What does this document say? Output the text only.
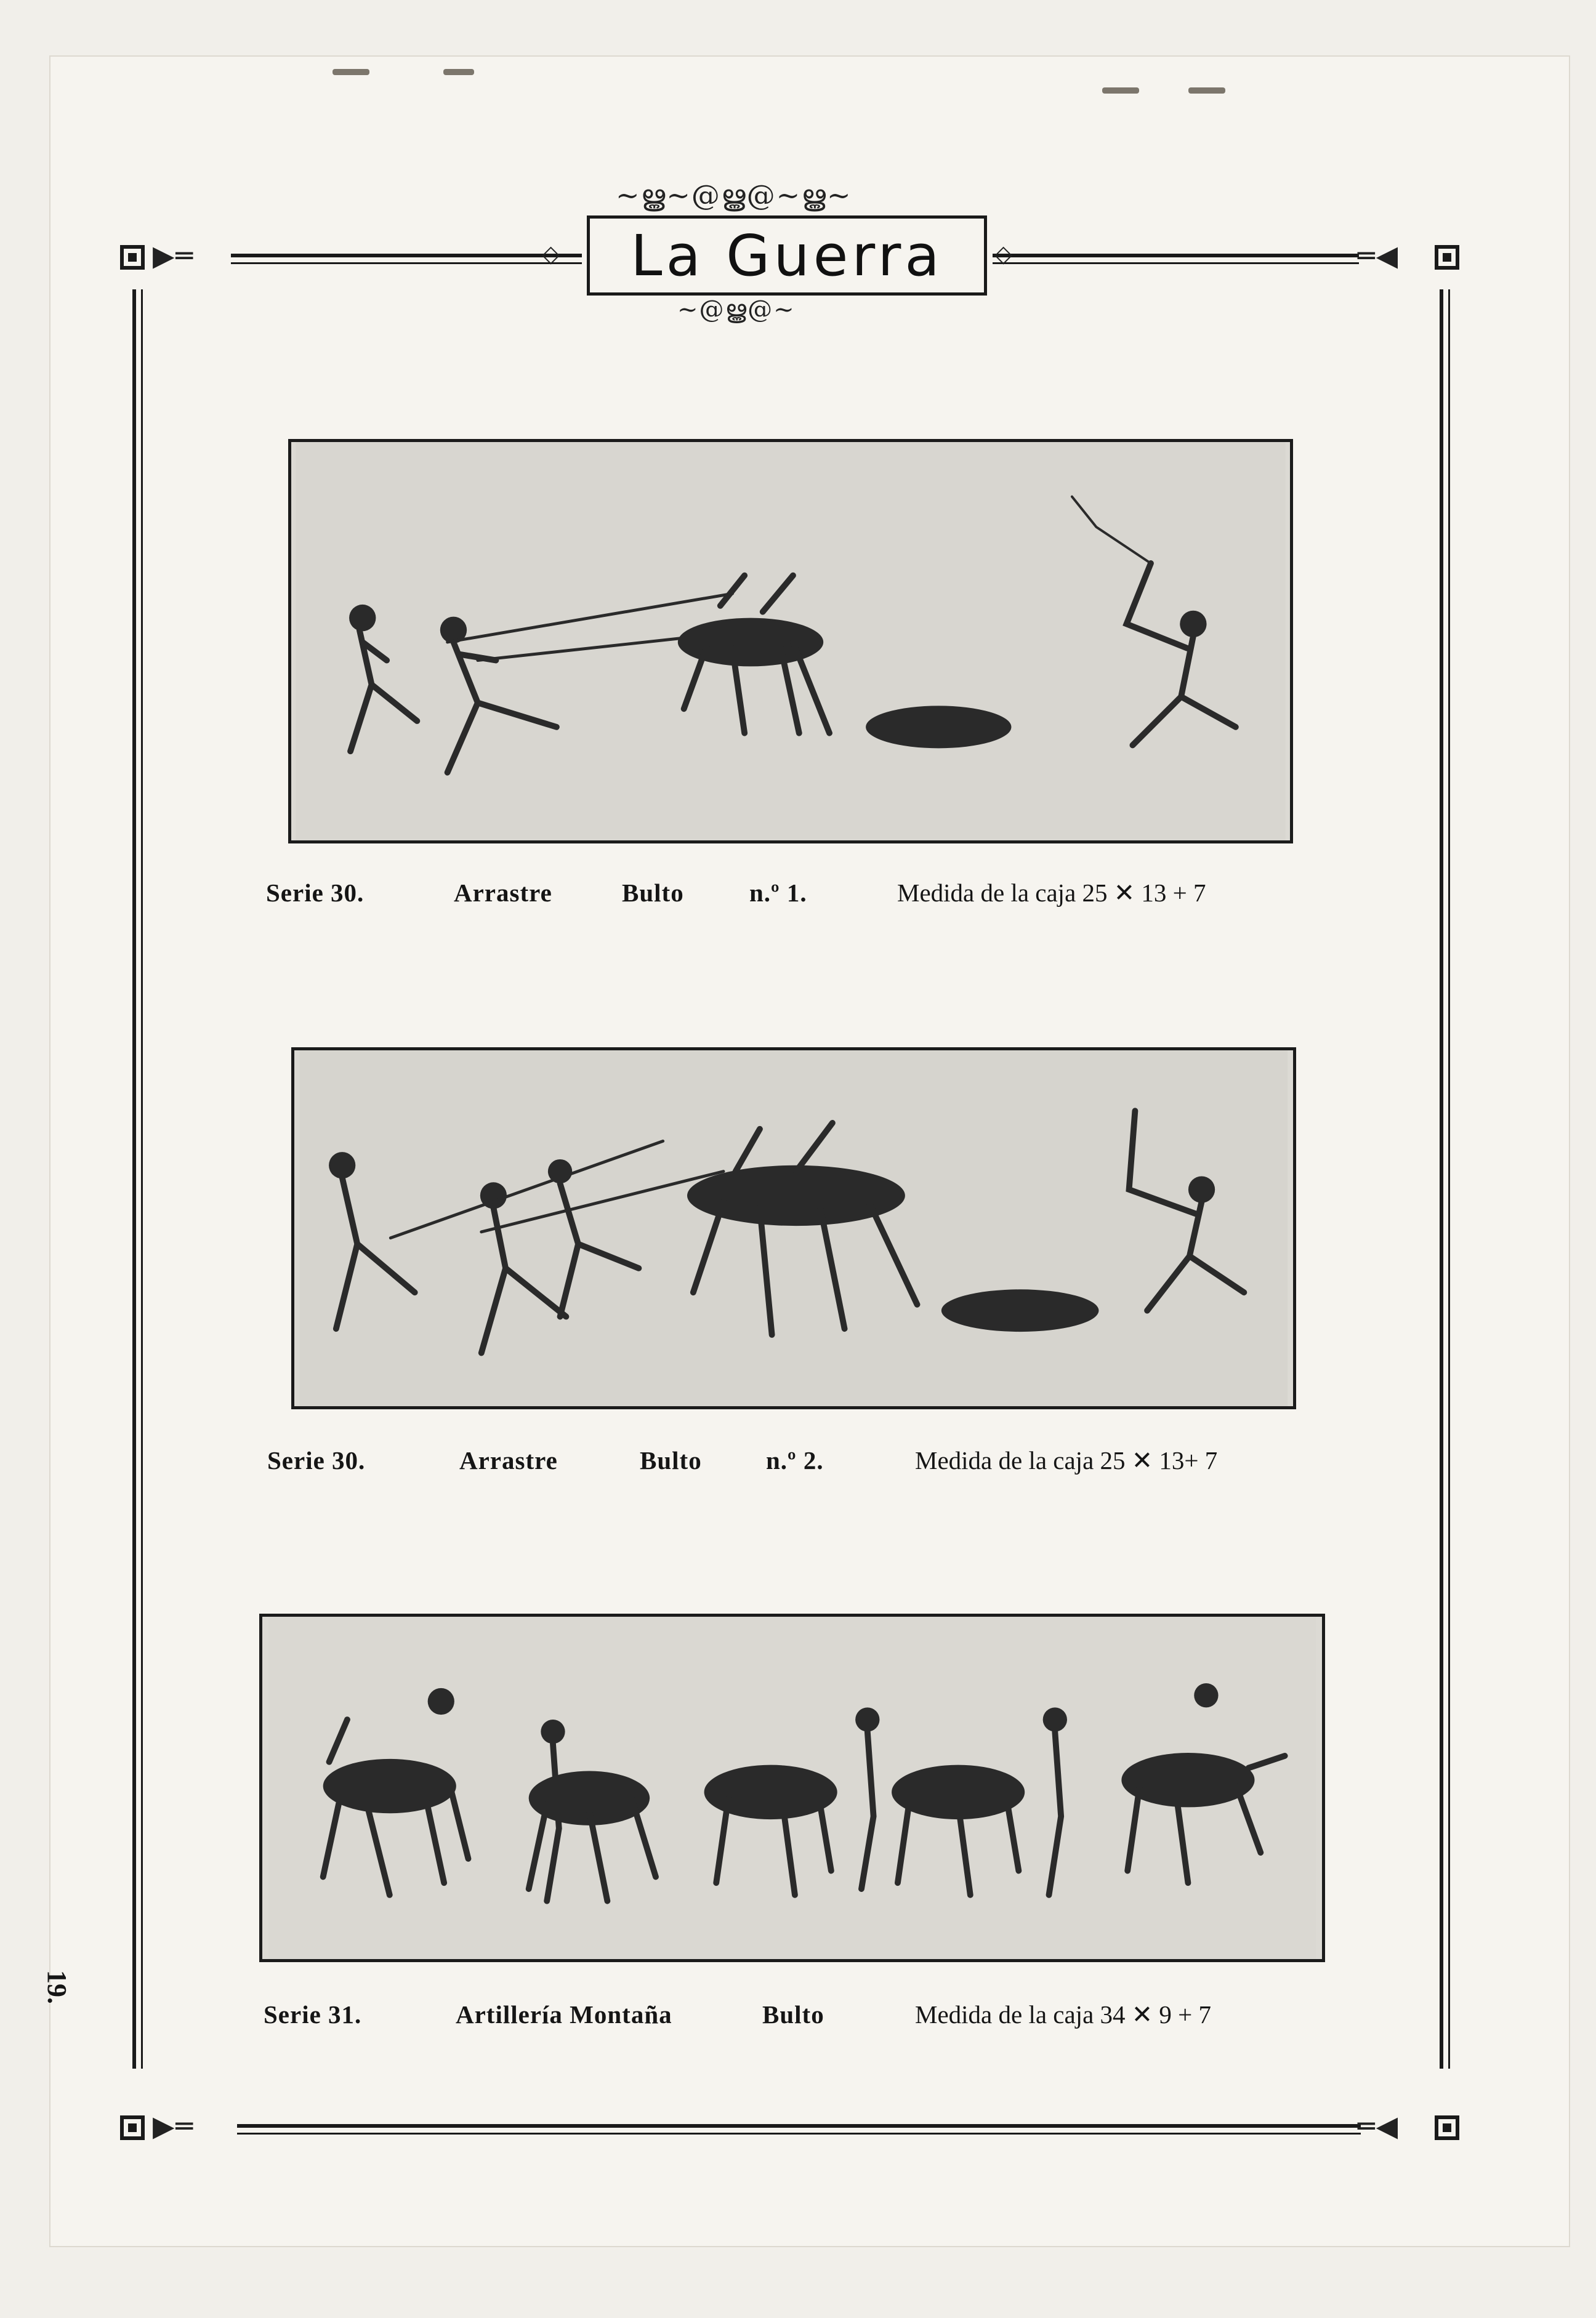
▶═	═◀
▶═	═◀
◇	◇
~ൠ~@ൠ@~ൠ~
La Guerra
~@ൠ@~
Serie 30.	Arrastre	Bulto	n.º 1.	Medida de la caja 25 ✕ 13 + 7
Serie 30.	Arrastre	Bulto	n.º 2.	Medida de la caja 25 ✕ 13+ 7
Serie 31.	Artillería Montaña	Bulto	Medida de la caja 34 ✕ 9 + 7
19.
